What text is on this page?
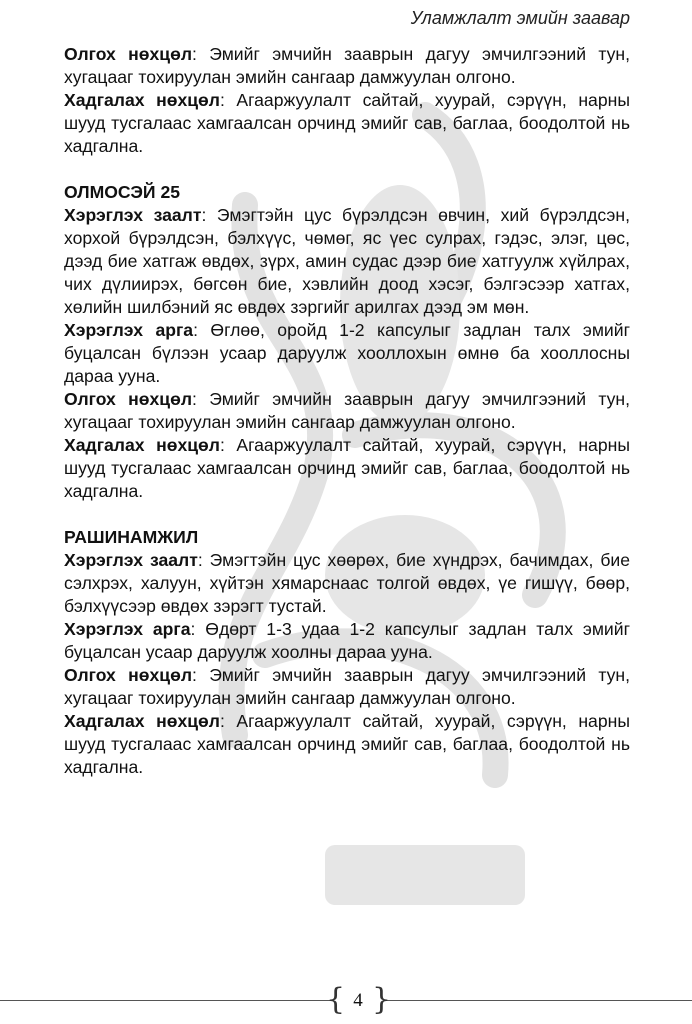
Уламжлалт эмийн заавар

Олгох нөхцөл: Эмийг эмчийн зааврын дагуу эмчилгээний тун, хугацааг тохируулан эмийн сангаар дамжуулан олгоно.

Хадгалах нөхцөл: Агааржуулалт сайтай, хуурай, сэрүүн, нарны шууд тусгалаас хамгаалсан орчинд эмийг сав, баглаа, боодолтой нь хадгална.

ОЛМОСЭЙ 25

Хэрэглэх заалт: Эмэгтэйн цус бүрэлдсэн өвчин, хий бүрэлдсэн, хорхой бүрэлдсэн, бэлхүүс, чөмөг, яс үес сулрах, гэдэс, элэг, цөс, дээд бие хатгаж өвдөх, зүрх, амин судас дээр бие хатгуулж хүйлрах, чих дүлиирэх, бөгсөн бие, хэвлийн доод хэсэг, бэлгэсээр хатгах, хөлийн шилбэний яс өвдөх зэргийг арилгах дээд эм мөн.

Хэрэглэх арга: Өглөө, оройд 1-2 капсулыг задлан талх эмийг буцалсан бүлээн усаар даруулж хооллохын өмнө ба хооллосны дараа ууна.

Олгох нөхцөл: Эмийг эмчийн зааврын дагуу эмчилгээний тун, хугацааг тохируулан эмийн сангаар дамжуулан олгоно.

Хадгалах нөхцөл: Агааржуулалт сайтай, хуурай, сэрүүн, нарны шууд тусгалаас хамгаалсан орчинд эмийг сав, баглаа, боодолтой нь хадгална.

РАШИНАМЖИЛ

Хэрэглэх заалт: Эмэгтэйн цус хөөрөх, бие хүндрэх, бачимдах, бие сэлхрэх, халуун, хүйтэн хямарснаас толгой өвдөх, үе гишүү, бөөр, бэлхүүсээр өвдөх зэрэгт тустай.

Хэрэглэх арга: Өдөрт 1-3 удаа 1-2 капсулыг задлан талх эмийг буцалсан усаар даруулж хоолны дараа ууна.

Олгох нөхцөл: Эмийг эмчийн зааврын дагуу эмчилгээний тун, хугацааг тохируулан эмийн сангаар дамжуулан олгоно.

Хадгалах нөхцөл: Агааржуулалт сайтай, хуурай, сэрүүн, нарны шууд тусгалаас хамгаалсан орчинд эмийг сав, баглаа, боодолтой нь хадгална.

{ }
4
